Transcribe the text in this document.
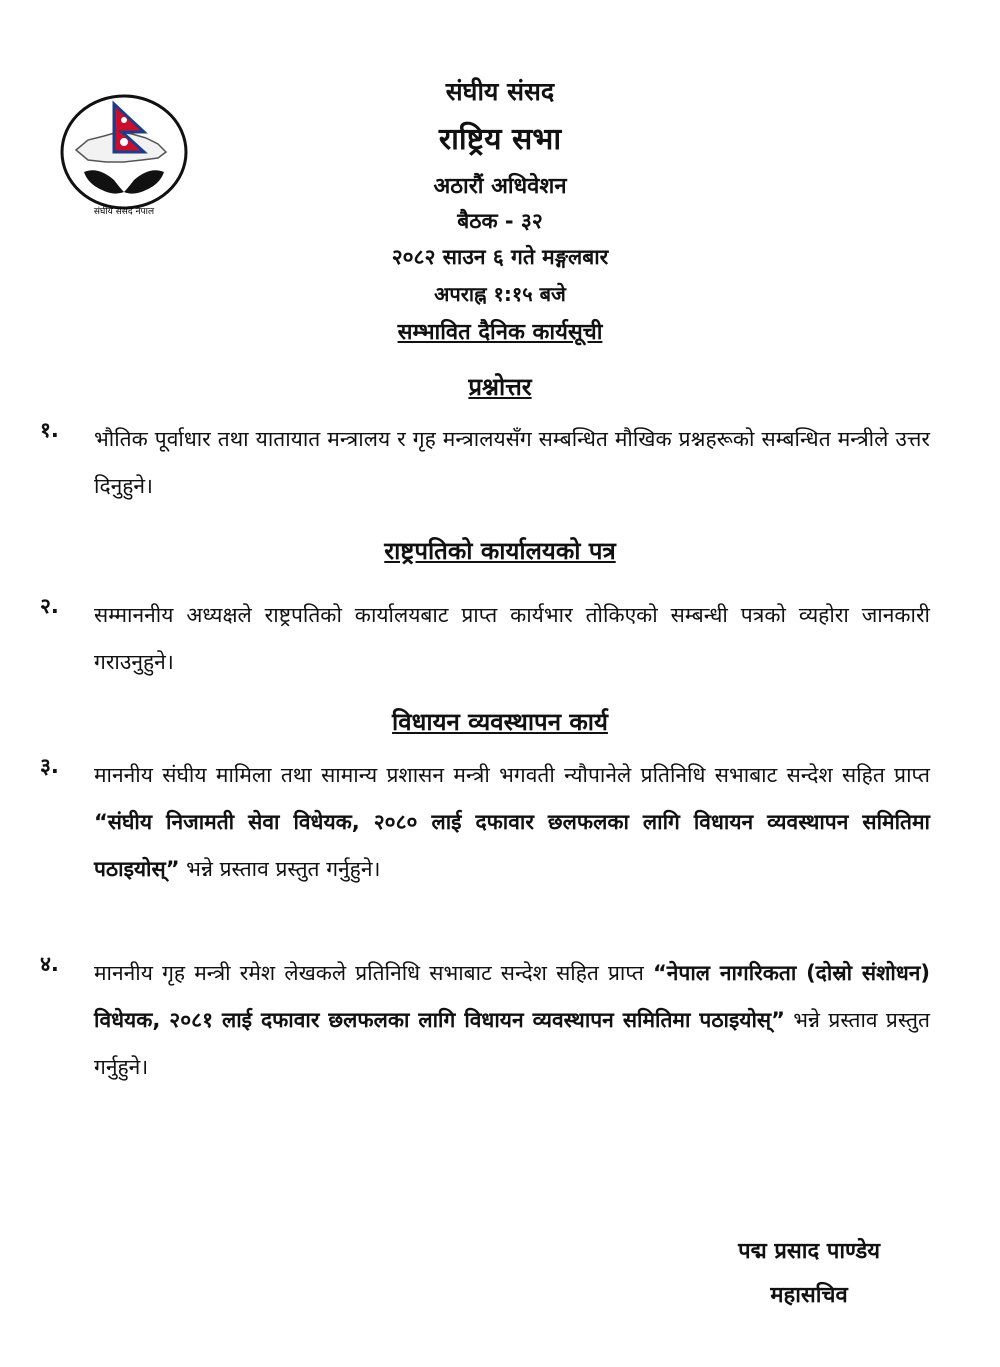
संघीय संसद नेपाल
संघीय संसद
राष्ट्रिय सभा
अठारौं अधिवेशन
बैठक - ३२
२०८२ साउन ६ गते मङ्गलबार
अपराह्न १:१५ बजे
सम्भावित दैनिक कार्यसूची
प्रश्नोत्तर
१.	भौतिक पूर्वाधार तथा यातायात मन्त्रालय र गृह मन्त्रालयसँग सम्बन्धित मौखिक प्रश्नहरूको सम्बन्धित मन्त्रीले उत्तर दिनुहुने।
राष्ट्रपतिको कार्यालयको पत्र
२.	सम्माननीय अध्यक्षले राष्ट्रपतिको कार्यालयबाट प्राप्त कार्यभार तोकिएको सम्बन्धी पत्रको व्यहोरा जानकारी गराउनुहुने।
विधायन व्यवस्थापन कार्य
३.	माननीय संघीय मामिला तथा सामान्य प्रशासन मन्त्री भगवती न्यौपानेले प्रतिनिधि सभाबाट सन्देश सहित प्राप्त “संघीय निजामती सेवा विधेयक, २०८० लाई दफावार छलफलका लागि विधायन व्यवस्थापन समितिमा पठाइयोस्” भन्ने प्रस्ताव प्रस्तुत गर्नुहुने।
४.	माननीय गृह मन्त्री रमेश लेखकले प्रतिनिधि सभाबाट सन्देश सहित प्राप्त “नेपाल नागरिकता (दोस्रो संशोधन) विधेयक, २०८१ लाई दफावार छलफलका लागि विधायन व्यवस्थापन समितिमा पठाइयोस्” भन्ने प्रस्ताव प्रस्तुत गर्नुहुने।
पद्म प्रसाद पाण्डेय
महासचिव
